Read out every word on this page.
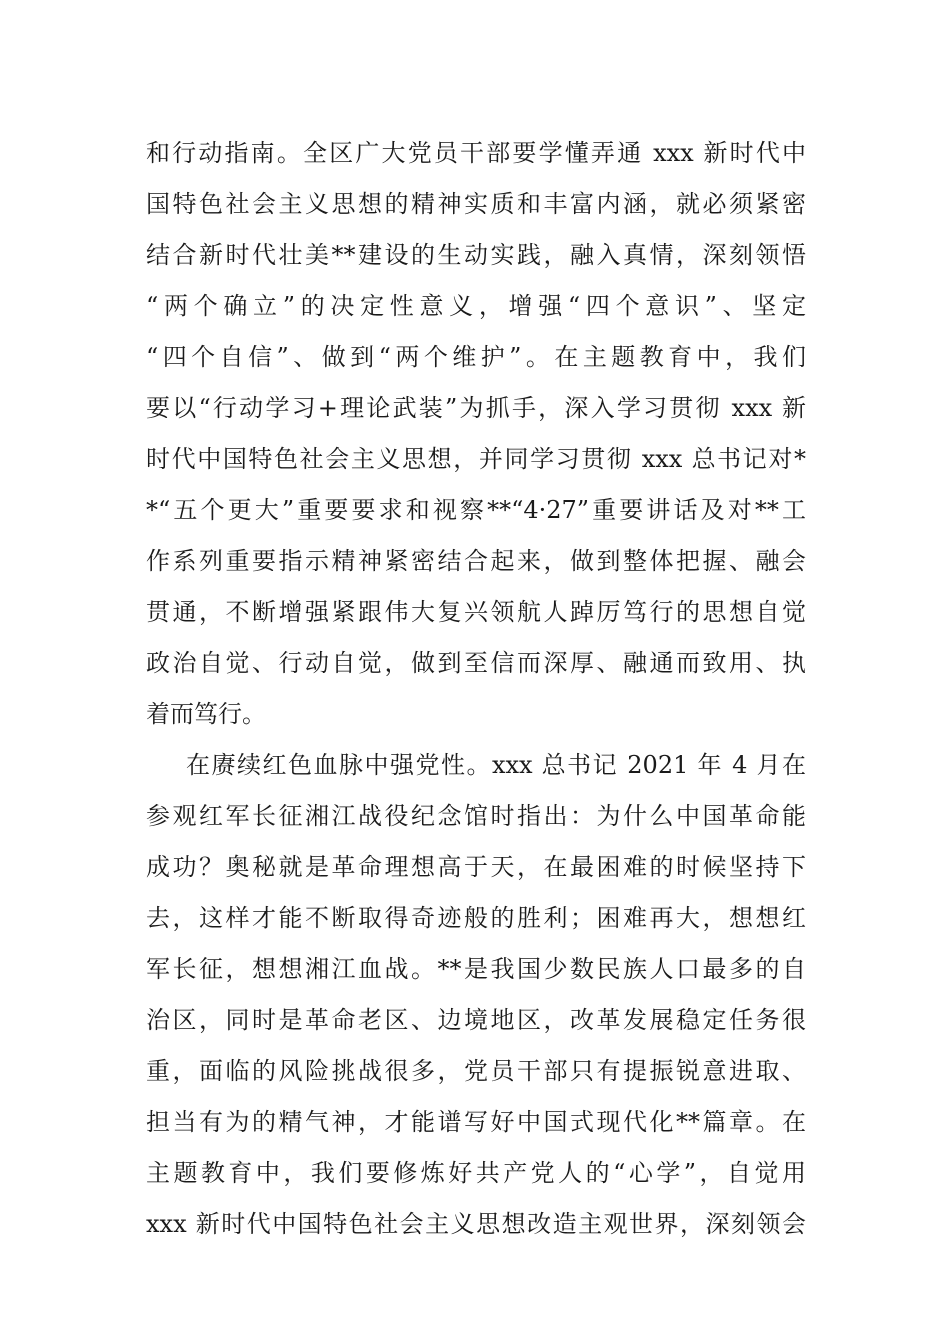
和行动指南。全区广大党员干部要学懂弄通 xxx 新时代中
国特色社会主义思想的精神实质和丰富内涵，就必须紧密
结合新时代壮美**建设的生动实践，融入真情，深刻领悟
“两个确立”的决定性意义，增强“四个意识”、坚定
“四个自信”、做到“两个维护”。在主题教育中，我们
要以“行动学习+理论武装”为抓手，深入学习贯彻 xxx 新
时代中国特色社会主义思想，并同学习贯彻 xxx 总书记对*
*“五个更大”重要要求和视察**“4·27”重要讲话及对**工
作系列重要指示精神紧密结合起来，做到整体把握、融会
贯通，不断增强紧跟伟大复兴领航人踔厉笃行的思想自觉
政治自觉、行动自觉，做到至信而深厚、融通而致用、执
着而笃行。
在赓续红色血脉中强党性。xxx 总书记 2021 年 4 月在
参观红军长征湘江战役纪念馆时指出：为什么中国革命能
成功？奥秘就是革命理想高于天，在最困难的时候坚持下
去，这样才能不断取得奇迹般的胜利；困难再大，想想红
军长征，想想湘江血战。**是我国少数民族人口最多的自
治区，同时是革命老区、边境地区，改革发展稳定任务很
重，面临的风险挑战很多，党员干部只有提振锐意进取、
担当有为的精气神，才能谱写好中国式现代化**篇章。在
主题教育中，我们要修炼好共产党人的“心学”，自觉用
xxx 新时代中国特色社会主义思想改造主观世界，深刻领会
